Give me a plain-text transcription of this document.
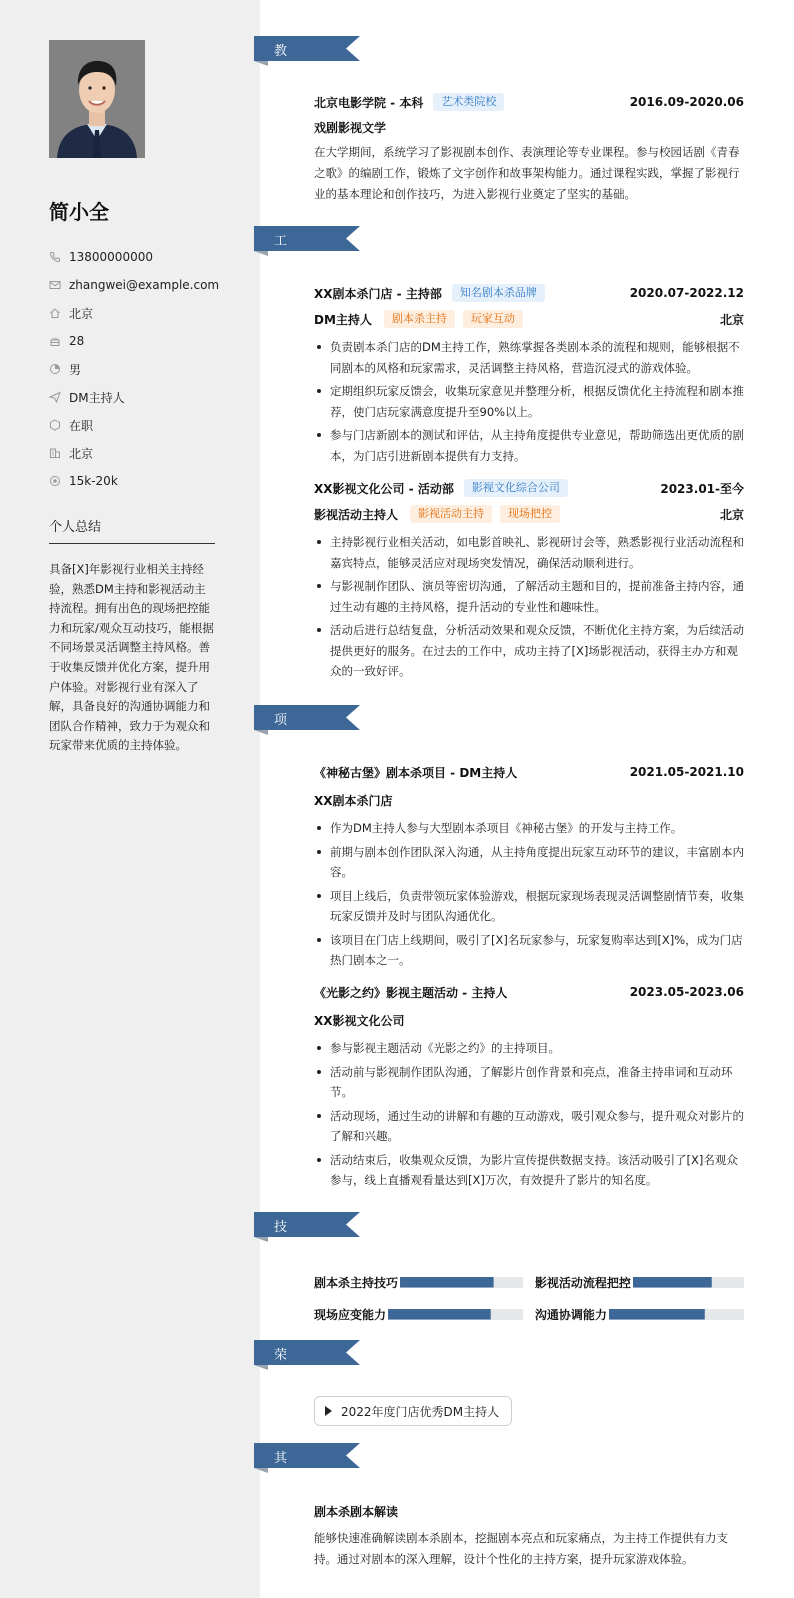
简小全
13800000000
zhangwei@example.com
北京
28
男
DM主持人
在职
北京
15k-20k
个人总结
具备[X]年影视行业相关主持经验，熟悉DM主持和影视活动主持流程。拥有出色的现场把控能力和玩家/观众互动技巧，能根据不同场景灵活调整主持风格。善于收集反馈并优化方案，提升用户体验。对影视行业有深入了解，具备良好的沟通协调能力和团队合作精神，致力于为观众和玩家带来优质的主持体验。
教育经历 北京电影学院 - 本科	艺术类院校	2016.09-2020.06
戏剧影视文学
在大学期间，系统学习了影视剧本创作、表演理论等专业课程。参与校园话剧《青春之歌》的编剧工作，锻炼了文字创作和故事架构能力。通过课程实践，掌握了影视行业的基本理论和创作技巧，为进入影视行业奠定了坚实的基础。
工作经历 XX剧本杀门店 - 主持部	知名剧本杀品牌	2020.07-2022.12
DM主持人	剧本杀主持	玩家互动	北京
负责剧本杀门店的DM主持工作，熟练掌握各类剧本杀的流程和规则，能够根据不同剧本的风格和玩家需求，灵活调整主持风格，营造沉浸式的游戏体验。
定期组织玩家反馈会，收集玩家意见并整理分析，根据反馈优化主持流程和剧本推荐，使门店玩家满意度提升至90%以上。
参与门店新剧本的测试和评估，从主持角度提供专业意见，帮助筛选出更优质的剧本，为门店引进新剧本提供有力支持。
XX影视文化公司 - 活动部	影视文化综合公司	2023.01-至今
影视活动主持人	影视活动主持	现场把控	北京
主持影视行业相关活动，如电影首映礼、影视研讨会等，熟悉影视行业活动流程和嘉宾特点，能够灵活应对现场突发情况，确保活动顺利进行。
与影视制作团队、演员等密切沟通，了解活动主题和目的，提前准备主持内容，通过生动有趣的主持风格，提升活动的专业性和趣味性。
活动后进行总结复盘，分析活动效果和观众反馈，不断优化主持方案，为后续活动提供更好的服务。在过去的工作中，成功主持了[X]场影视活动，获得主办方和观众的一致好评。
项目经历 《神秘古堡》剧本杀项目 - DM主持人	2021.05-2021.10
XX剧本杀门店
作为DM主持人参与大型剧本杀项目《神秘古堡》的开发与主持工作。
前期与剧本创作团队深入沟通，从主持角度提出玩家互动环节的建议，丰富剧本内容。
项目上线后，负责带领玩家体验游戏，根据玩家现场表现灵活调整剧情节奏，收集玩家反馈并及时与团队沟通优化。
该项目在门店上线期间，吸引了[X]名玩家参与，玩家复购率达到[X]%，成为门店热门剧本之一。
《光影之约》影视主题活动 - 主持人	2023.05-2023.06
XX影视文化公司
参与影视主题活动《光影之约》的主持项目。
活动前与影视制作团队沟通，了解影片创作背景和亮点，准备主持串词和互动环节。
活动现场，通过生动的讲解和有趣的互动游戏，吸引观众参与，提升观众对影片的了解和兴趣。
活动结束后，收集观众反馈，为影片宣传提供数据支持。该活动吸引了[X]名观众参与，线上直播观看量达到[X]万次，有效提升了影片的知名度。
技能专长 剧本杀主持技巧	影视活动流程把控
现场应变能力	沟通协调能力
荣誉奖项	2022年度门店优秀DM主持人
其他信息 剧本杀剧本解读
能够快速准确解读剧本杀剧本，挖掘剧本亮点和玩家痛点，为主持工作提供有力支持。通过对剧本的深入理解，设计个性化的主持方案，提升玩家游戏体验。
